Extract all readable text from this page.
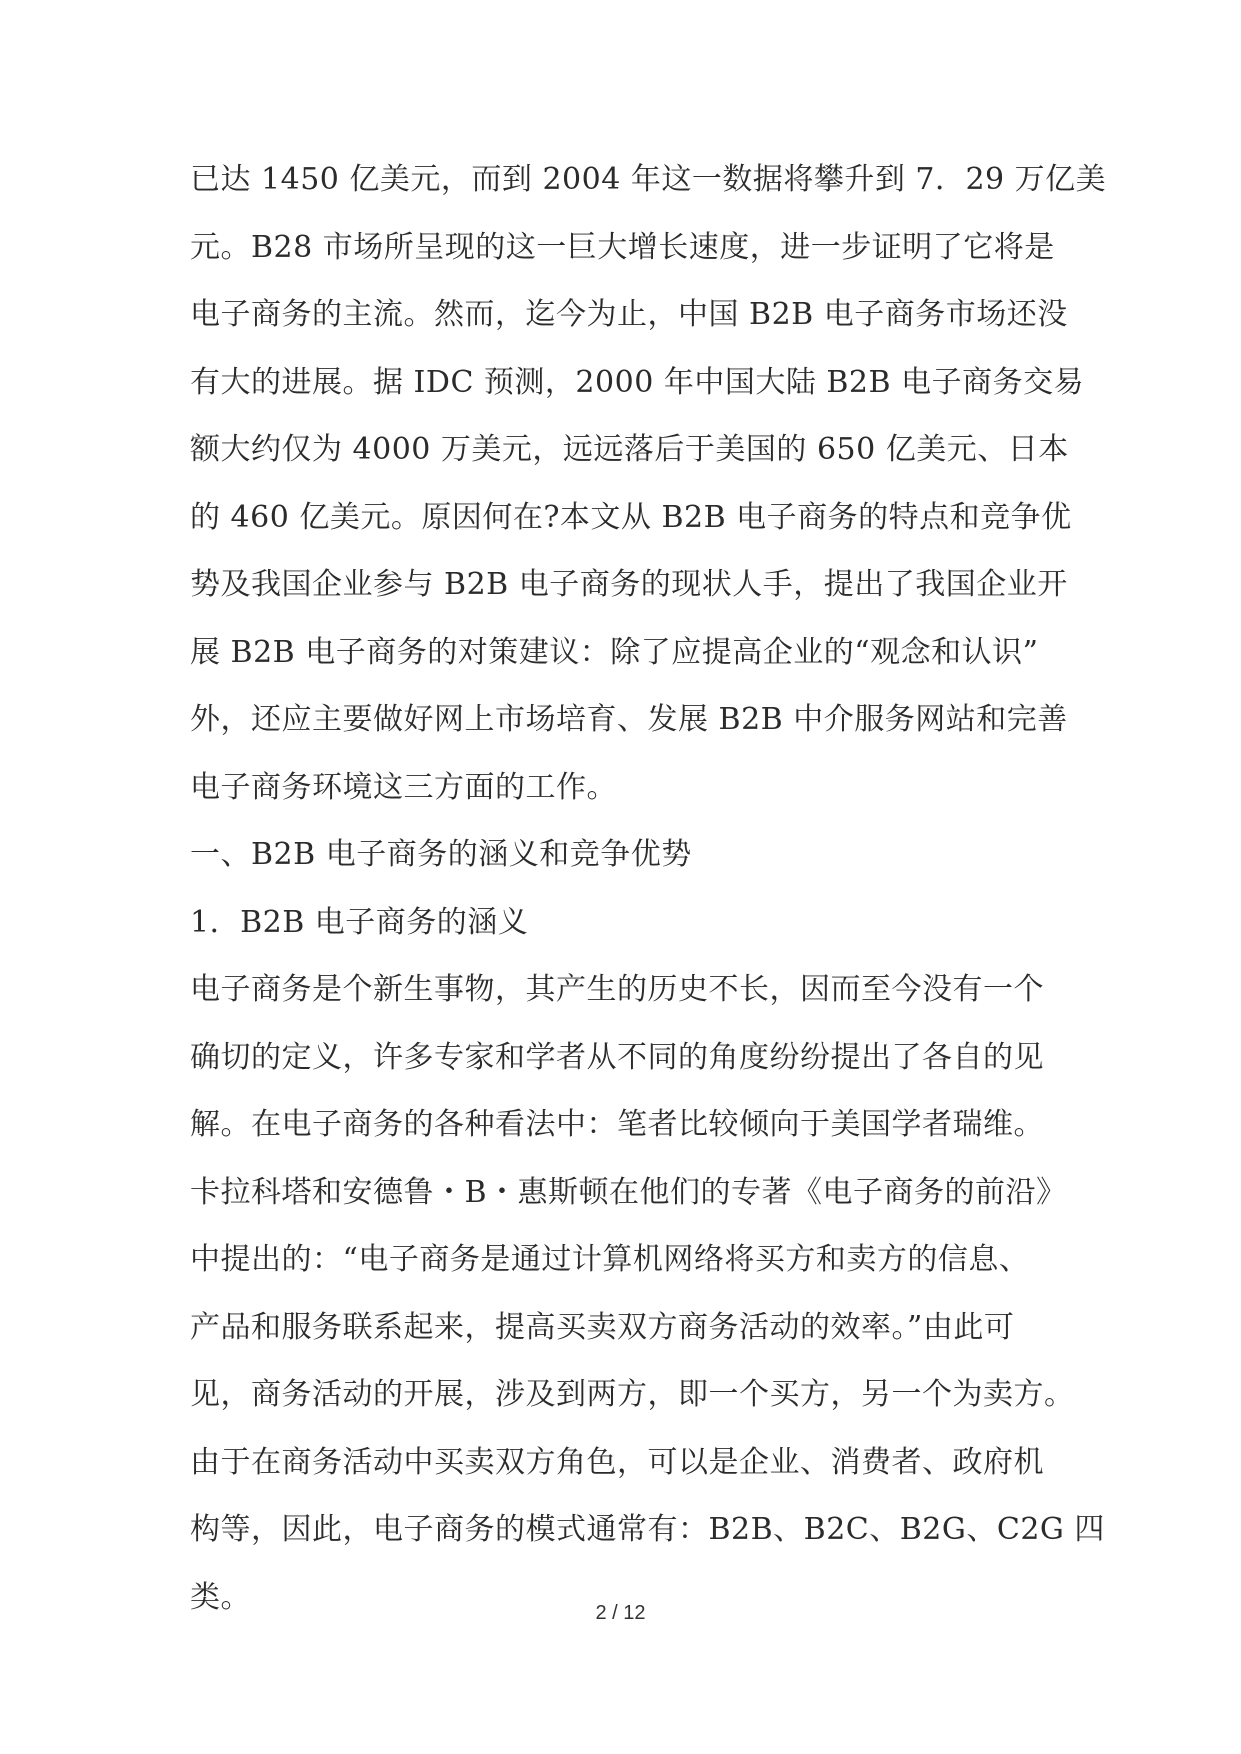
已达 1450 亿美元，而到 2004 年这一数据将攀升到 7．29 万亿美
元。B28 市场所呈现的这一巨大增长速度，进一步证明了它将是
电子商务的主流。然而，迄今为止，中国 B2B 电子商务市场还没
有大的进展。据 IDC 预测，2000 年中国大陆 B2B 电子商务交易
额大约仅为 4000 万美元，远远落后于美国的 650 亿美元、日本
的 460 亿美元。原因何在?本文从 B2B 电子商务的特点和竞争优
势及我国企业参与 B2B 电子商务的现状人手，提出了我国企业开
展 B2B 电子商务的对策建议：除了应提高企业的“观念和认识”
外，还应主要做好网上市场培育、发展 B2B 中介服务网站和完善
电子商务环境这三方面的工作。
一、B2B 电子商务的涵义和竞争优势
1．B2B 电子商务的涵义
电子商务是个新生事物，其产生的历史不长，因而至今没有一个
确切的定义，许多专家和学者从不同的角度纷纷提出了各自的见
解。在电子商务的各种看法中：笔者比较倾向于美国学者瑞维。
卡拉科塔和安德鲁・B・惠斯顿在他们的专著《电子商务的前沿》
中提出的：“电子商务是通过计算机网络将买方和卖方的信息、
产品和服务联系起来，提高买卖双方商务活动的效率。”由此可
见，商务活动的开展，涉及到两方，即一个买方，另一个为卖方。
由于在商务活动中买卖双方角色，可以是企业、消费者、政府机
构等，因此，电子商务的模式通常有：B2B、B2C、B2G、C2G 四
类。	2 / 12
